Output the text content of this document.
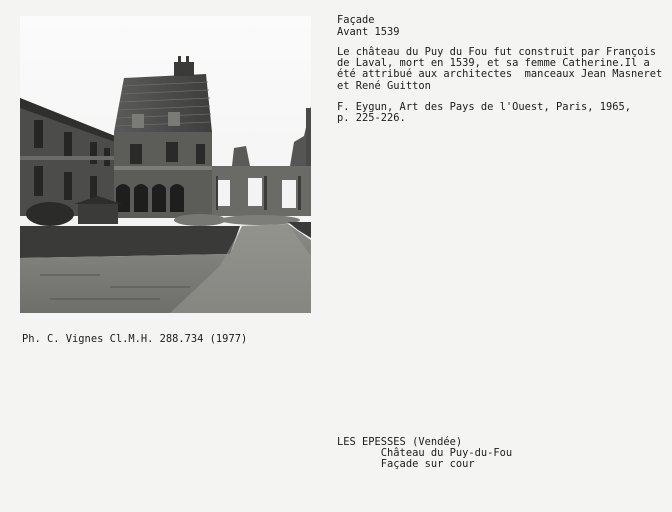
Façade
Avant 1539
Le château du Puy du Fou fut construit par François
de Laval, mort en 1539, et sa femme Catherine.Il a
été attribué aux architectes  manceaux Jean Masneret
et René Guitton
F. Eygun, Art des Pays de l'Ouest, Paris, 1965,
p. 225-226.
Ph. C. Vignes Cl.M.H. 288.734 (1977)
LES EPESSES (Vendée)
Château du Puy-du-Fou
Façade sur cour
